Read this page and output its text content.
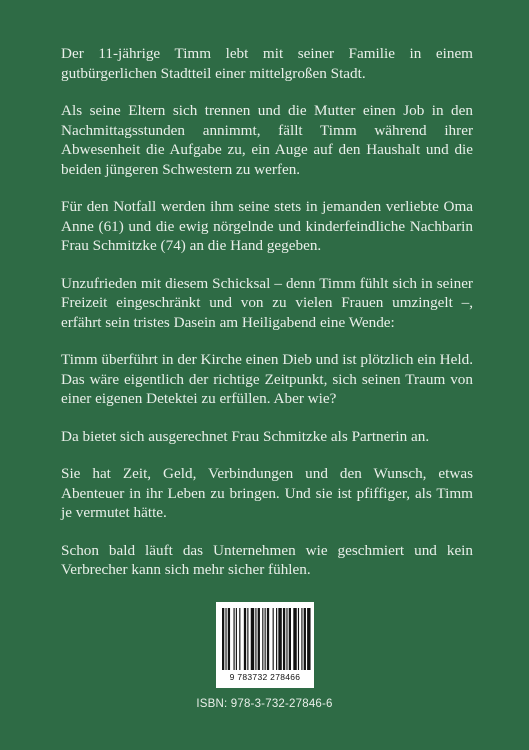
Der 11-jährige Timm lebt mit seiner Familie in einem gutbürgerlichen Stadtteil einer mittelgroßen Stadt.

Als seine Eltern sich trennen und die Mutter einen Job in den Nachmittagsstunden annimmt, fällt Timm während ihrer Abwesenheit die Aufgabe zu, ein Auge auf den Haushalt und die beiden jüngeren Schwestern zu werfen.

Für den Notfall werden ihm seine stets in jemanden verliebte Oma Anne (61) und die ewig nörgelnde und kinderfeindliche Nachbarin Frau Schmitzke (74) an die Hand gegeben.

Unzufrieden mit diesem Schicksal – denn Timm fühlt sich in seiner Freizeit eingeschränkt und von zu vielen Frauen umzingelt –, erfährt sein tristes Dasein am Heiligabend eine Wende:

Timm überführt in der Kirche einen Dieb und ist plötzlich ein Held. Das wäre eigentlich der richtige Zeitpunkt, sich seinen Traum von einer eigenen Detektei zu erfüllen. Aber wie?

Da bietet sich ausgerechnet Frau Schmitzke als Partnerin an.

Sie hat Zeit, Geld, Verbindungen und den Wunsch, etwas Abenteuer in ihr Leben zu bringen. Und sie ist pfiffiger, als Timm je vermutet hätte.

Schon bald läuft das Unternehmen wie geschmiert und kein Verbrecher kann sich mehr sicher fühlen.

9 783732 278466
ISBN: 978-3-732-27846-6
